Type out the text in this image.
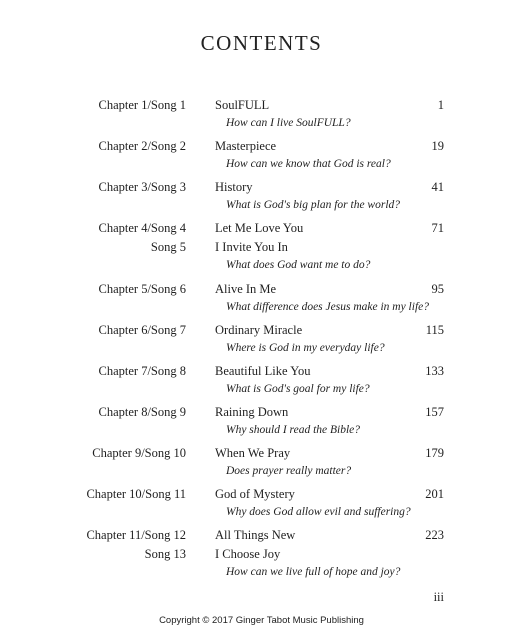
CONTENTS
Chapter 1/Song 1 SoulFULL	1
How can I live SoulFULL?
Chapter 2/Song 2 Masterpiece	19
How can we know that God is real?
Chapter 3/Song 3 History	41
What is God's big plan for the world?
Chapter 4/Song 4 Let Me Love You	71
Song 5 I Invite You In
What does God want me to do?
Chapter 5/Song 6 Alive In Me	95
What difference does Jesus make in my life?
Chapter 6/Song 7 Ordinary Miracle	115
Where is God in my everyday life?
Chapter 7/Song 8 Beautiful Like You	133
What is God's goal for my life?
Chapter 8/Song 9 Raining Down	157
Why should I read the Bible?
Chapter 9/Song 10 When We Pray	179
Does prayer really matter?
Chapter 10/Song 11 God of Mystery	201
Why does God allow evil and suffering?
Chapter 11/Song 12 All Things New	223
Song 13 I Choose Joy
How can we live full of hope and joy?
iii
Copyright © 2017 Ginger Tabot Music Publishing
